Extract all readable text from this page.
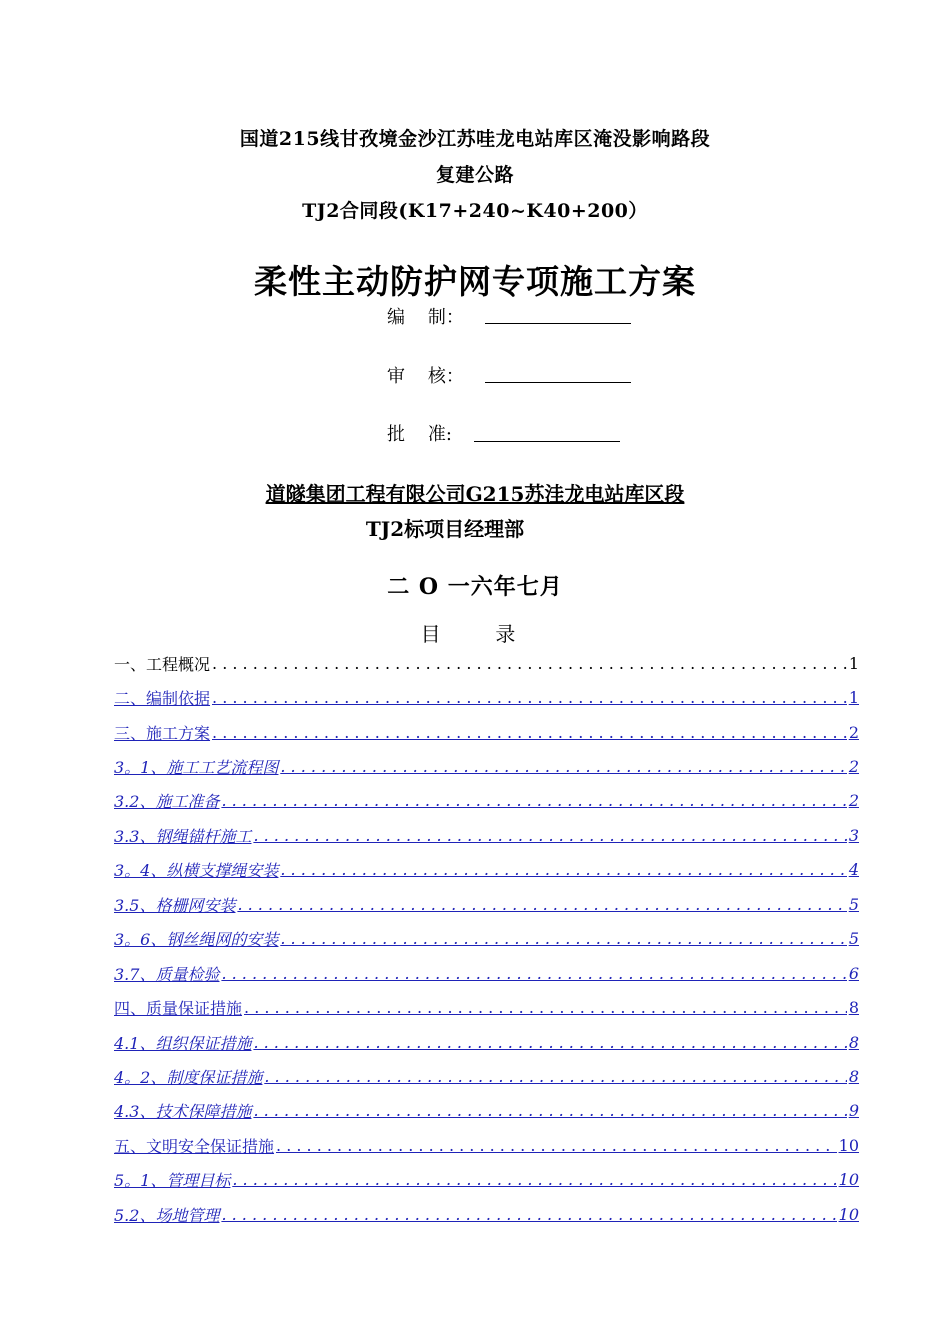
国道215线甘孜境金沙江苏哇龙电站库区淹没影响路段
复建公路
TJ2合同段(K17+240~K40+200）
柔性主动防护网专项施工方案
编    制：
审    核：
批    准:
道隧集团工程有限公司G215苏洼龙电站库区段
TJ2标项目经理部
二 O 一六年七月
目  录
一、工程概况 . . .	1
二、编制依据 . . .	1
三、施工方案 . . .	2
3。1、施工工艺流程图 . . .	2
3.2、施工准备 . . .	2
3.3、钢绳锚杆施工 . . .	3
3。4、纵横支撑绳安装 . . .	4
3.5、格栅网安装 . . .	5
3。6、钢丝绳网的安装 . . .	5
3.7、质量检验 . . .	6
四、质量保证措施 . . .	8
4.1、组织保证措施 . . .	8
4。2、制度保证措施 . . .	8
4.3、技术保障措施 . . .	9
五、文明安全保证措施 . . .	10
5。1、管理目标 . . .	10
5.2、场地管理 . . .	10
